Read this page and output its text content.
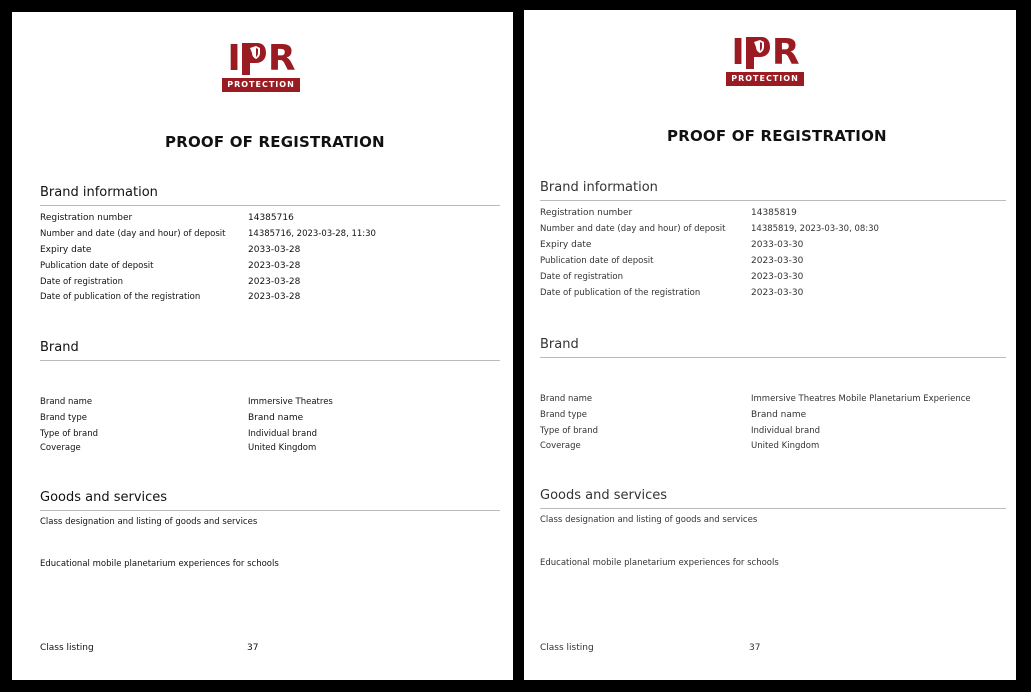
I R
PROTECTION
PROOF OF REGISTRATION
Brand information
Registration number	14385716
Number and date (day and hour) of deposit	14385716, 2023-03-28, 11:30
Expiry date	2033-03-28
Publication date of deposit	2023-03-28
Date of registration	2023-03-28
Date of publication of the registration	2023-03-28
Brand
Brand name	Immersive Theatres
Brand type	Brand name
Type of brand	Individual brand
Coverage	United Kingdom
Goods and services
Class designation and listing of goods and services
Educational mobile planetarium experiences for schools
Class listing	37
I R
PROTECTION
PROOF OF REGISTRATION
Brand information
Registration number	14385819
Number and date (day and hour) of deposit	14385819, 2023-03-30, 08:30
Expiry date	2033-03-30
Publication date of deposit	2023-03-30
Date of registration	2023-03-30
Date of publication of the registration	2023-03-30
Brand
Brand name	Immersive Theatres Mobile Planetarium Experience
Brand type	Brand name
Type of brand	Individual brand
Coverage	United Kingdom
Goods and services
Class designation and listing of goods and services
Educational mobile planetarium experiences for schools
Class listing	37
